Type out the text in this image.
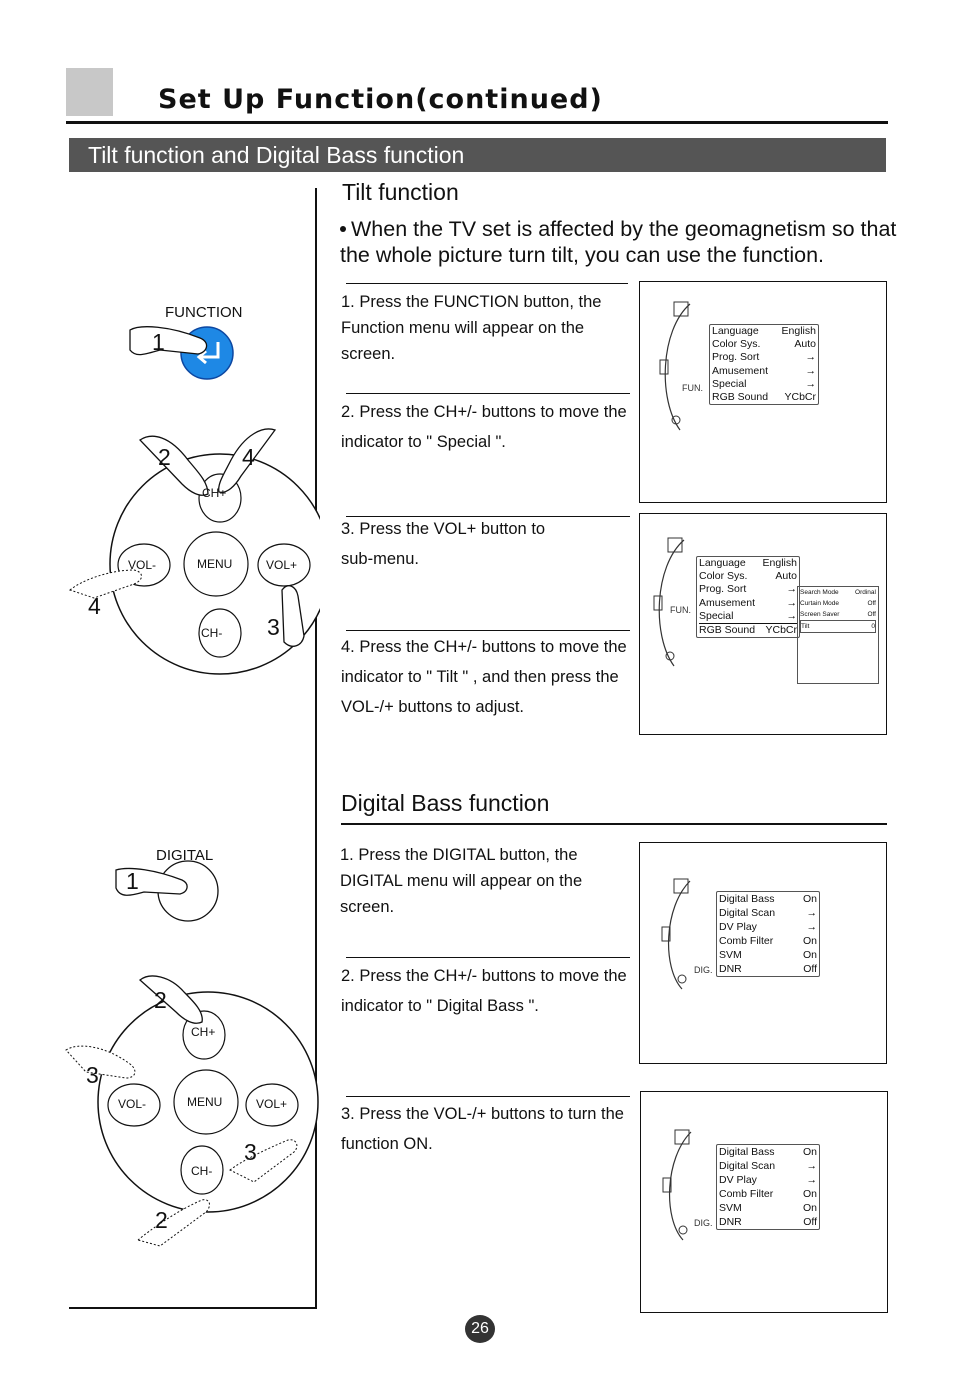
Set Up Function(continued)
Tilt function and Digital Bass function
FUNCTION
1
2	4
CH+
VOL-	MENU	VOL+
4
3
CH-
DIGITAL
1
2
CH+
3
VOL-	MENU	VOL+
3
CH-
2
Tilt function
When the TV set is affected by the geomagnetism so that the whole picture turn tilt, you can use the function.
1. Press the FUNCTION button, the Function menu will appear on the screen.
2. Press the CH+/- buttons to move the indicator to " Special ".
3. Press the VOL+ button to sub-menu.
4. Press the CH+/- buttons to move the indicator to " Tilt " , and then press the VOL-/+ buttons to adjust.
FUN.
Language English
Color Sys.	Auto
Prog. Sort	→
Amusement	→
Special	→
RGB Sound YCbCr
FUN.
Language English
Color Sys.	Auto
Prog. Sort	→
Amusement	→
Special	→
RGB Sound YCbCr
Search Mode	Ordinal
Curtain Mode	Off
Screen Saver	Off
Tilt	0
Digital Bass function
1. Press the DIGITAL button, the DIGITAL menu will appear on the screen.
2. Press the CH+/- buttons to move the indicator to " Digital Bass ".
3. Press the VOL-/+ buttons to turn the function ON.
DIG.
Digital Bass	On
Digital Scan	→
DV Play	→
Comb Filter	On
SVM	On
DNR	Off
DIG.
Digital Bass	On
Digital Scan	→
DV Play	→
Comb Filter	On
SVM	On
DNR	Off
26
